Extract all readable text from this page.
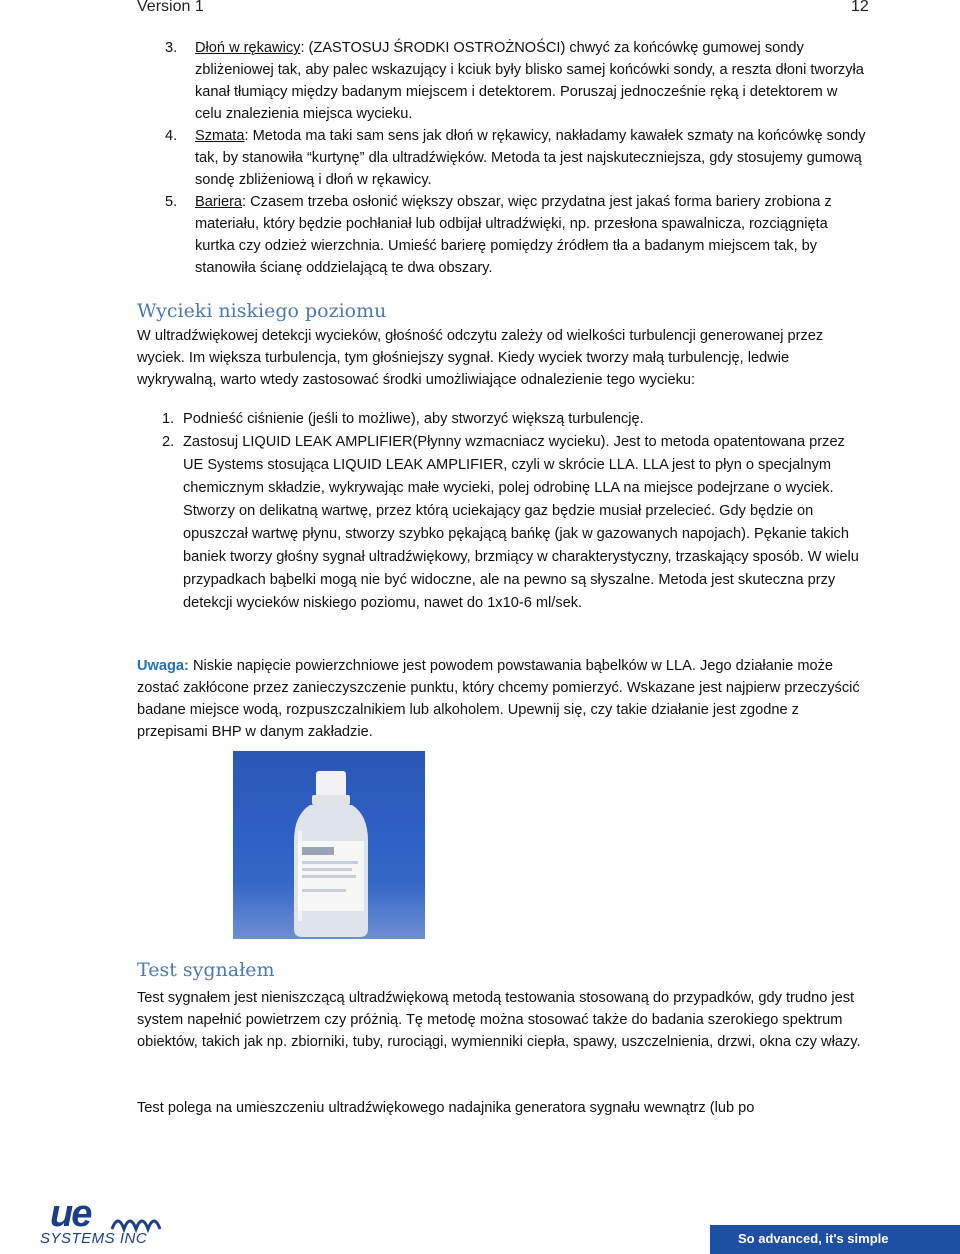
Version 1	12
3. Dłoń w rękawicy: (ZASTOSUJ ŚRODKI OSTROŻNOŚCI) chwyć za końcówkę gumowej sondy zbliżeniowej tak, aby palec wskazujący i kciuk były blisko samej końcówki sondy, a reszta dłoni tworzyła kanał tłumiący między badanym miejscem i detektorem. Poruszaj jednocześnie ręką i detektorem w celu znalezienia miejsca wycieku.
4. Szmata: Metoda ma taki sam sens jak dłoń w rękawicy, nakładamy kawałek szmaty na końcówkę sondy tak, by stanowiła “kurtynę” dla ultradźwięków. Metoda ta jest najskuteczniejsza, gdy stosujemy gumową sondę zbliżeniową i dłoń w rękawicy.
5. Bariera: Czasem trzeba osłonić większy obszar, więc przydatna jest jakaś forma bariery zrobiona z materiału, który będzie pochłaniał lub odbijał ultradźwięki, np. przesłona spawalnicza, rozciągnięta kurtka czy odzież wierzchnia. Umieść barierę pomiędzy źródłem tła a badanym miejscem tak, by stanowiła ścianę oddzielającą te dwa obszary.
Wycieki niskiego poziomu
W ultradźwiękowej detekcji wycieków, głośność odczytu zależy od wielkości turbulencji generowanej przez wyciek. Im większa turbulencja, tym głośniejszy sygnał. Kiedy wyciek tworzy małą turbulencję, ledwie wykrywalną, warto wtedy zastosować środki umożliwiające odnalezienie tego wycieku:
1. Podnieść ciśnienie (jeśli to możliwe), aby stworzyć większą turbulencję.
2. Zastosuj LIQUID LEAK AMPLIFIER(Płynny wzmacniacz wycieku). Jest to metoda opatentowana przez UE Systems stosująca LIQUID LEAK AMPLIFIER, czyli w skrócie LLA. LLA jest to płyn o specjalnym chemicznym składzie, wykrywając małe wycieki, polej odrobinę LLA na miejsce podejrzane o wyciek. Stworzy on delikatną wartwę, przez którą uciekający gaz będzie musiał przelecieć. Gdy będzie on opuszczał wartwę płynu, stworzy szybko pękającą bańkę (jak w gazowanych napojach). Pękanie takich baniek tworzy głośny sygnał ultradźwiękowy, brzmiący w charakterystyczny, trzaskający sposób. W wielu przypadkach bąbelki mogą nie być widoczne, ale na pewno są słyszalne. Metoda jest skuteczna przy detekcji wycieków niskiego poziomu, nawet do 1x10-6 ml/sek.
Uwaga: Niskie napięcie powierzchniowe jest powodem powstawania bąbelków w LLA. Jego działanie może zostać zakłócone przez zanieczyszczenie punktu, który chcemy pomierzyć. Wskazane jest najpierw przeczyścić badane miejsce wodą, rozpuszczalnikiem lub alkoholem. Upewnij się, czy takie działanie jest zgodne z przepisami BHP w danym zakładzie.
Test sygnałem
Test sygnałem jest nieniszczącą ultradźwiękową metodą testowania stosowaną do przypadków, gdy trudno jest system napełnić powietrzem czy próżnią. Tę metodę można stosować także do badania szerokiego spektrum obiektów, takich jak np. zbiorniki, tuby, rurociągi, wymienniki ciepła, spawy, uszczelnienia, drzwi, okna czy włazy.
Test polega na umieszczeniu ultradźwiękowego nadajnika generatora sygnału wewnątrz (lub po
ue
SYSTEMS INC	So advanced, it's simple
